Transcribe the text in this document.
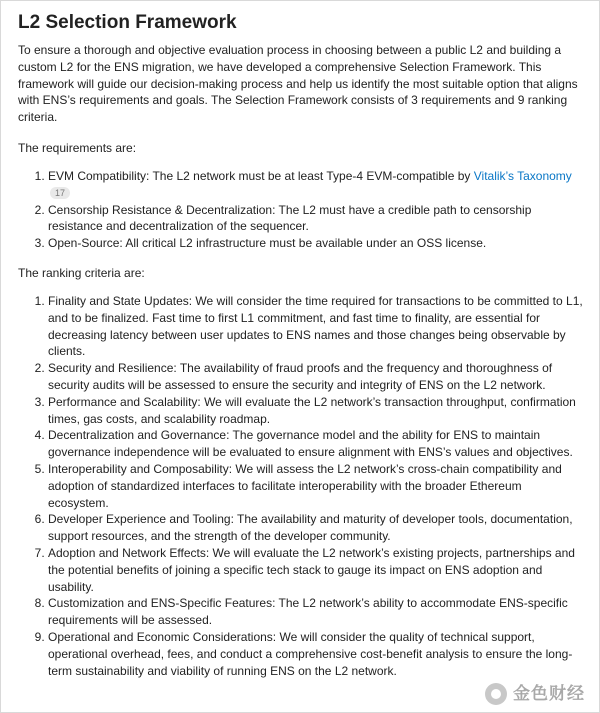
L2 Selection Framework

To ensure a thorough and objective evaluation process in choosing between a public L2 and building a custom L2 for the ENS migration, we have developed a comprehensive Selection Framework. This framework will guide our decision-making process and help us identify the most suitable option that aligns with ENS’s requirements and goals. The Selection Framework consists of 3 requirements and 9 ranking criteria.

The requirements are:

1. EVM Compatibility: The L2 network must be at least Type-4 EVM-compatible by Vitalik’s Taxonomy 17
2. Censorship Resistance & Decentralization: The L2 must have a credible path to censorship resistance and decentralization of the sequencer.
3. Open-Source: All critical L2 infrastructure must be available under an OSS license.

The ranking criteria are:

1. Finality and State Updates: We will consider the time required for transactions to be committed to L1, and to be finalized. Fast time to first L1 commitment, and fast time to finality, are essential for decreasing latency between user updates to ENS names and those changes being observable by clients.
2. Security and Resilience: The availability of fraud proofs and the frequency and thoroughness of security audits will be assessed to ensure the security and integrity of ENS on the L2 network.
3. Performance and Scalability: We will evaluate the L2 network’s transaction throughput, confirmation times, gas costs, and scalability roadmap.
4. Decentralization and Governance: The governance model and the ability for ENS to maintain governance independence will be evaluated to ensure alignment with ENS’s values and objectives.
5. Interoperability and Composability: We will assess the L2 network’s cross-chain compatibility and adoption of standardized interfaces to facilitate interoperability with the broader Ethereum ecosystem.
6. Developer Experience and Tooling: The availability and maturity of developer tools, documentation, support resources, and the strength of the developer community.
7. Adoption and Network Effects: We will evaluate the L2 network’s existing projects, partnerships and the potential benefits of joining a specific tech stack to gauge its impact on ENS adoption and usability.
8. Customization and ENS-Specific Features: The L2 network’s ability to accommodate ENS-specific requirements will be assessed.
9. Operational and Economic Considerations: We will consider the quality of technical support, operational overhead, fees, and conduct a comprehensive cost-benefit analysis to ensure the long-term sustainability and viability of running ENS on the L2 network.
金色财经
